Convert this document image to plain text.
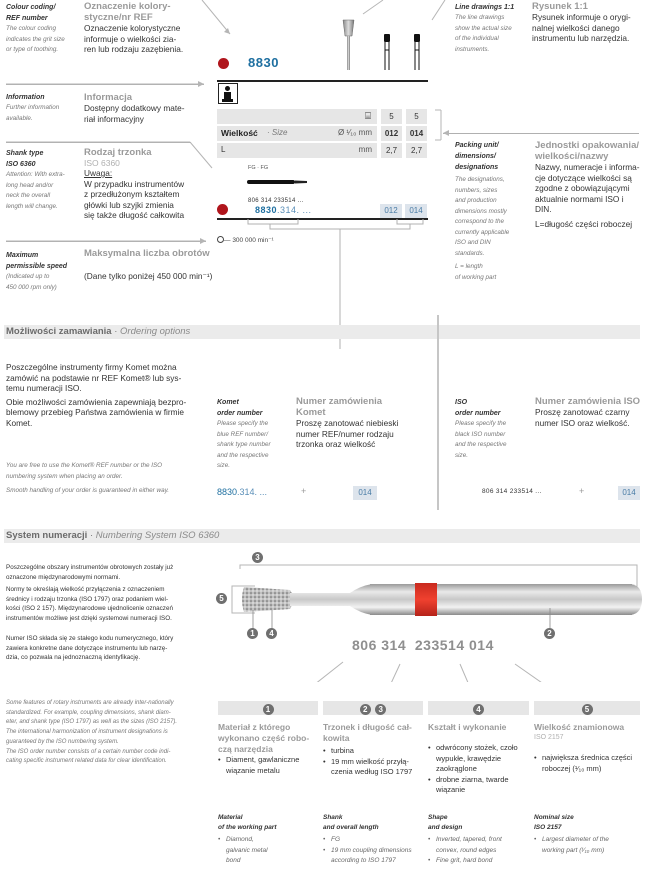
Colour coding/
REF number
The colour coding
indicates the grit size
or type of toothing.
Oznaczenie kolory-
styczne/nr REF
Oznaczenie kolorystyczne
informuje o wielkości zia-
ren lub rodzaju zazębienia.
Information
Further information
available.
Informacja
Dostępny dodatkowy mate-
riał informacyjny
Shank type
ISO 6360
Attention: With extra-
long head and/or
neck the overall
length will change.
Rodzaj trzonka
ISO 6360
Uwaga:
W przypadku instrumentów
z przedłużonym kształtem
główki lub szyjki zmienia
się także długość całkowita
Maximum
permissible speed
(Indicated up to
450 000 rpm only)
Maksymalna liczba obrotów
(Dane tylko poniżej 450 000 min⁻¹)
Line drawings 1:1
The line drawings
show the actual size
of the individual
instruments.
Rysunek 1:1
Rysunek informuje o orygi-
nalnej wielkości danego
instrumentu lub narzędzia.
Packing unit/
dimensions/
designations
The designations,
numbers, sizes
and production
dimensions mostly
correspond to the
currently applicable
ISO and DIN
standards.
L = length
of working part
Jednostki opakowania/
wielkości/nazwy
Nazwy, numeracje i informa-
cje dotyczące wielkości są
zgodne z obowiązującymi
aktualnie normami ISO i
DIN.
L=długość części roboczej
8830
⌸	5	5
Wielkość · Size	Ø ¹⁄₁₀ mm	012	014
L	mm	2,7	2,7
FG · FG
806 314 233514 ...
8830.314. ...	012	014
— 300 000 min⁻¹
Możliwości zamawiania · Ordering options
Poszczególne instrumenty firmy Komet można
zamówić na podstawie nr REF Komet® lub sys-
temu numeracji ISO.
Obie możliwości zamówienia zapewniają bezpro-
blemowy przebieg Państwa zamówienia w firmie
Komet.
You are free to use the Komet® REF number or the ISO
numbering system when placing an order.
Smooth handling of your order is guaranteed in either way.
Komet
order number
Please specify the
blue REF number/
shank type number
and the respective
size.
Numer zamówienia
Komet
Proszę zanotować niebieski
numer REF/numer rodzaju
trzonka oraz wielkość
8830.314. ...	+	014
ISO
order number
Please specify the
black ISO number
and the respective
size.
Numer zamówienia ISO
Proszę zanotować czarny
numer ISO oraz wielkość.
806 314 233514 ...	+	014
System numeracji · Numbering System ISO 6360
Poszczególne obszary instrumentów obrotowych zostały już
oznaczone międzynarodowymi normami.
Normy te określają wielkość przyłączenia z oznaczeniem
średnicy i rodzaju trzonka (ISO 1797) oraz podaniem wiel-
kości (ISO 2 157). Międzynarodowe ujednolicenie oznaczeń
instrumentów możliwe jest dzięki systemowi numeracji ISO.
Numer ISO składa się ze stałego kodu numerycznego, który
zawiera konkretne dane dotyczące instrumentu lub narzę-
dzia, co pozwala na jednoznaczną identyfikację.
Some features of rotary instruments are already inter-nationally
standardized. For example, coupling dimensions, shank diam-
eter, and shank type (ISO 1797) as well as the sizes (ISO 2157).
The international harmonization of instrument designations is
guaranteed by the ISO numbering system.
The ISO order number consists of a certain number code indi-
cating specific instrument related data for clear identification.
3
5
1	4	2
806 314  233514 014
1	2 3	4	5
Materiał z którego
wykonano część robo-
czą narzędzia
• Diament, gawlaniczne wiązanie metalu
Trzonek i długość cał-
kowita
• turbina
• 19 mm wielkość przyłą-czenia według ISO 1797
Kształt i wykonanie
• odwrócony stożek, czoło wypukłe, krawędzie zaokrąglone
• drobne ziarna, twarde wiązanie
Wielkość znamionowa
ISO 2157
• największa średnica części roboczej (¹⁄₁₀ mm)
Material
of the working part
• Diamond, galvanic metal bond
Shank
and overall length
• FG
• 19 mm coupling dimensions according to ISO 1797
Shape
and design
• Inverted, tapered, front convex, round edges
• Fine grit, hard bond
Nominal size
ISO 2157
• Largest diameter of the working part (¹⁄₁₀ mm)
